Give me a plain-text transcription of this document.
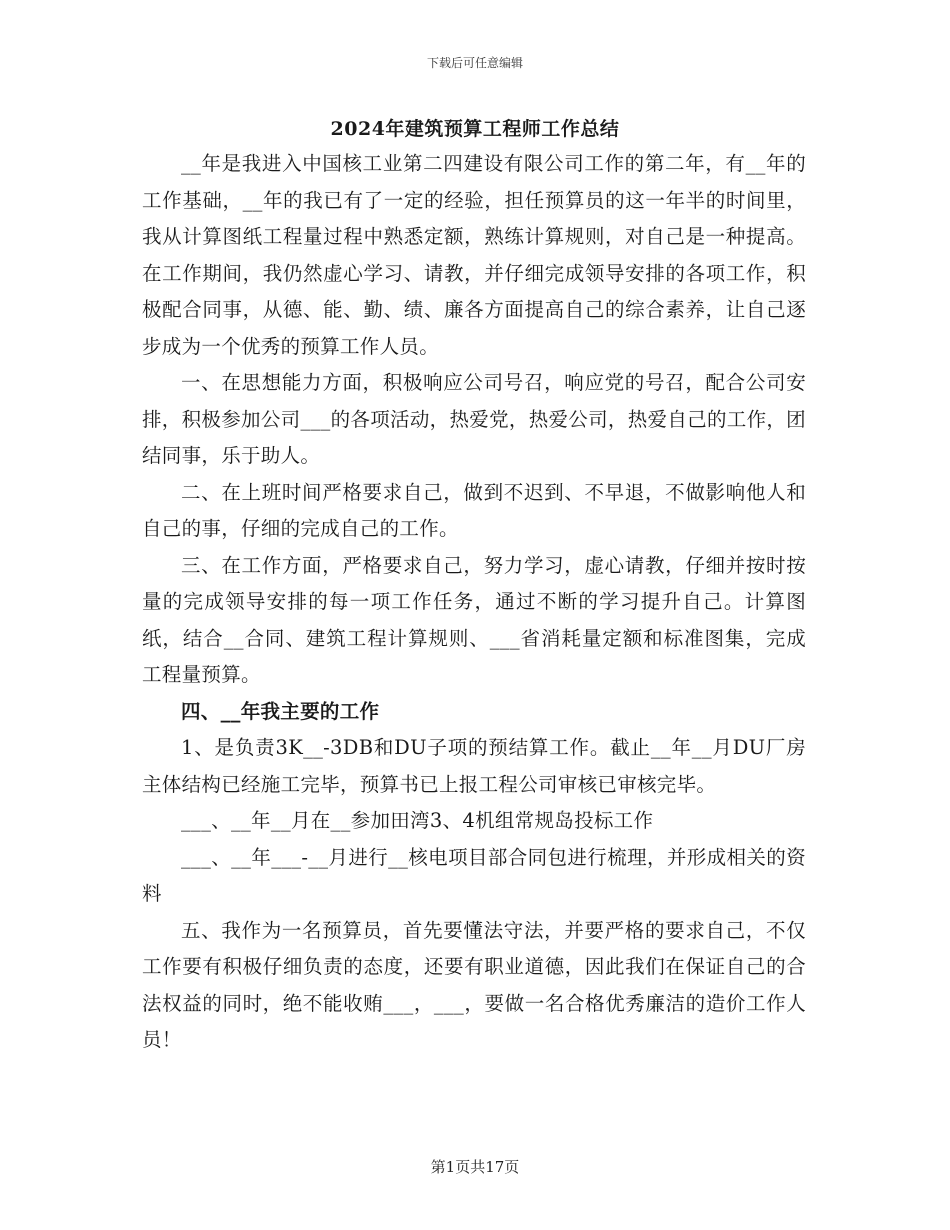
下载后可任意编辑
2024年建筑预算工程师工作总结

__年是我进入中国核工业第二四建设有限公司工作的第二年，有__年的工作基础，__年的我已有了一定的经验，担任预算员的这一年半的时间里，我从计算图纸工程量过程中熟悉定额，熟练计算规则，对自己是一种提高。在工作期间，我仍然虚心学习、请教，并仔细完成领导安排的各项工作，积极配合同事，从德、能、勤、绩、廉各方面提高自己的综合素养，让自己逐步成为一个优秀的预算工作人员。

一、在思想能力方面，积极响应公司号召，响应党的号召，配合公司安排，积极参加公司___的各项活动，热爱党，热爱公司，热爱自己的工作，团结同事，乐于助人。

二、在上班时间严格要求自己，做到不迟到、不早退，不做影响他人和自己的事，仔细的完成自己的工作。

三、在工作方面，严格要求自己，努力学习，虚心请教，仔细并按时按量的完成领导安排的每一项工作任务，通过不断的学习提升自己。计算图纸，结合__合同、建筑工程计算规则、___省消耗量定额和标准图集，完成工程量预算。

四、__年我主要的工作

1、是负责3K__-3DB和DU子项的预结算工作。截止__年__月DU厂房主体结构已经施工完毕，预算书已上报工程公司审核已审核完毕。

___、__年__月在__参加田湾3、4机组常规岛投标工作

___、__年___-__月进行__核电项目部合同包进行梳理，并形成相关的资料

五、我作为一名预算员，首先要懂法守法，并要严格的要求自己，不仅工作要有积极仔细负责的态度，还要有职业道德，因此我们在保证自己的合法权益的同时，绝不能收贿___，___，要做一名合格优秀廉洁的造价工作人员！

第1页共17页
